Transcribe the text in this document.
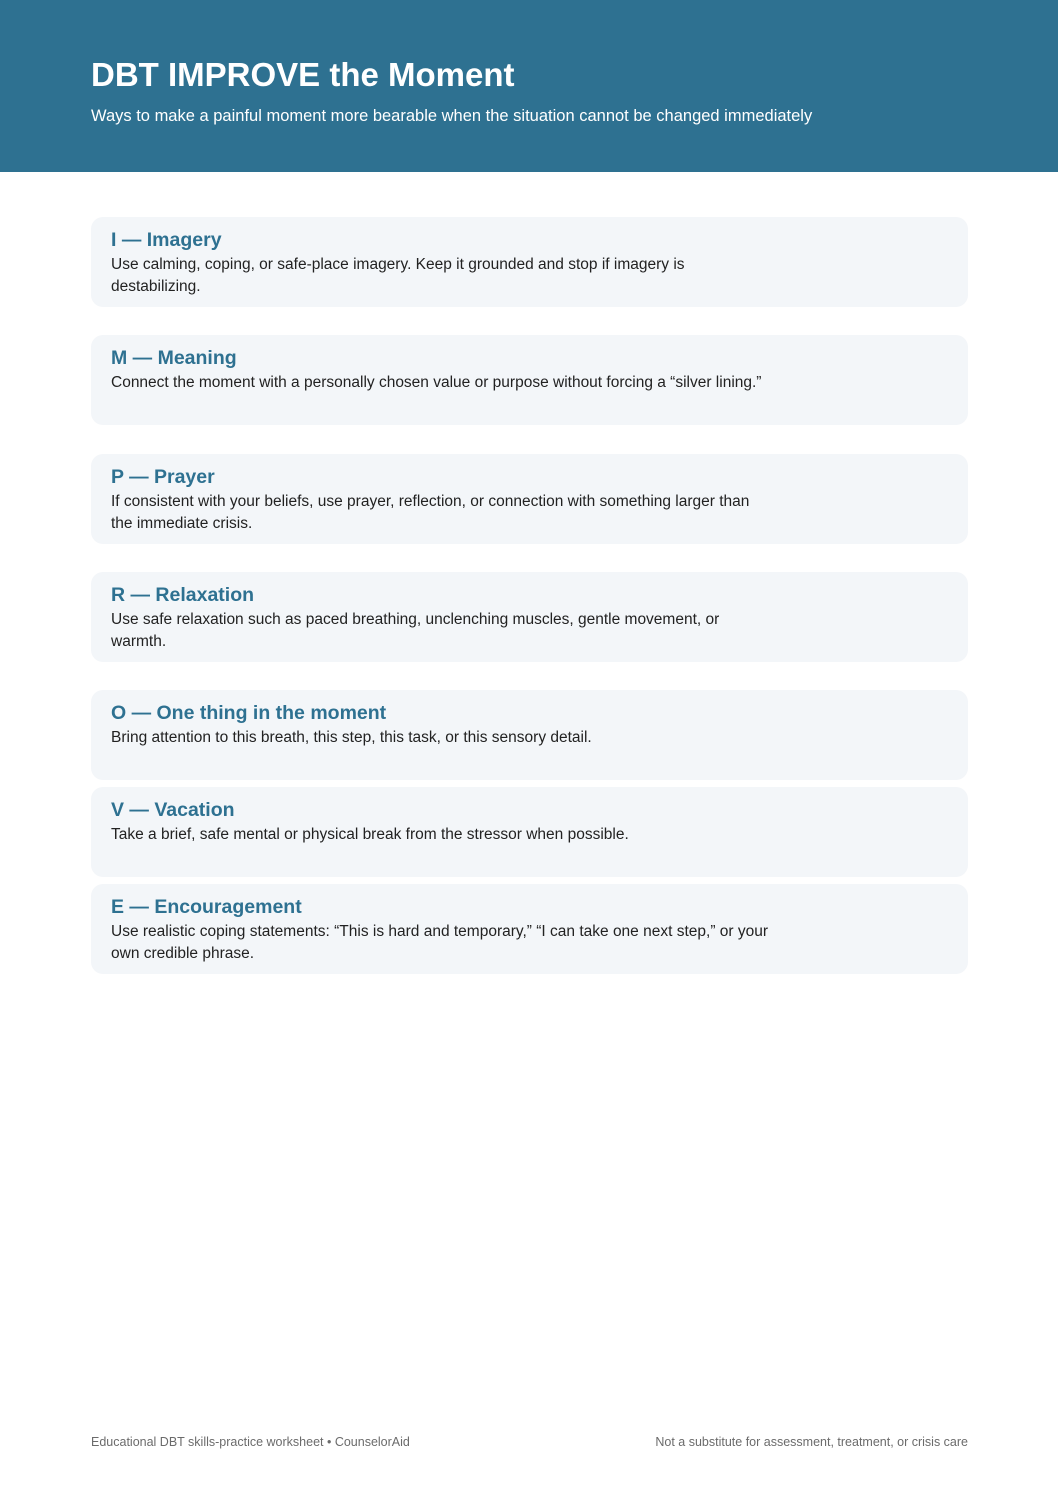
DBT IMPROVE the Moment

Ways to make a painful moment more bearable when the situation cannot be changed immediately

I — Imagery

Use calming, coping, or safe-place imagery. Keep it grounded and stop if imagery is destabilizing.

M — Meaning

Connect the moment with a personally chosen value or purpose without forcing a “silver lining.”

P — Prayer

If consistent with your beliefs, use prayer, reflection, or connection with something larger than the immediate crisis.

R — Relaxation

Use safe relaxation such as paced breathing, unclenching muscles, gentle movement, or warmth.

O — One thing in the moment

Bring attention to this breath, this step, this task, or this sensory detail.

V — Vacation

Take a brief, safe mental or physical break from the stressor when possible.

E — Encouragement

Use realistic coping statements: “This is hard and temporary,” “I can take one next step,” or your own credible phrase.

Educational DBT skills-practice worksheet • CounselorAid	Not a substitute for assessment, treatment, or crisis care
